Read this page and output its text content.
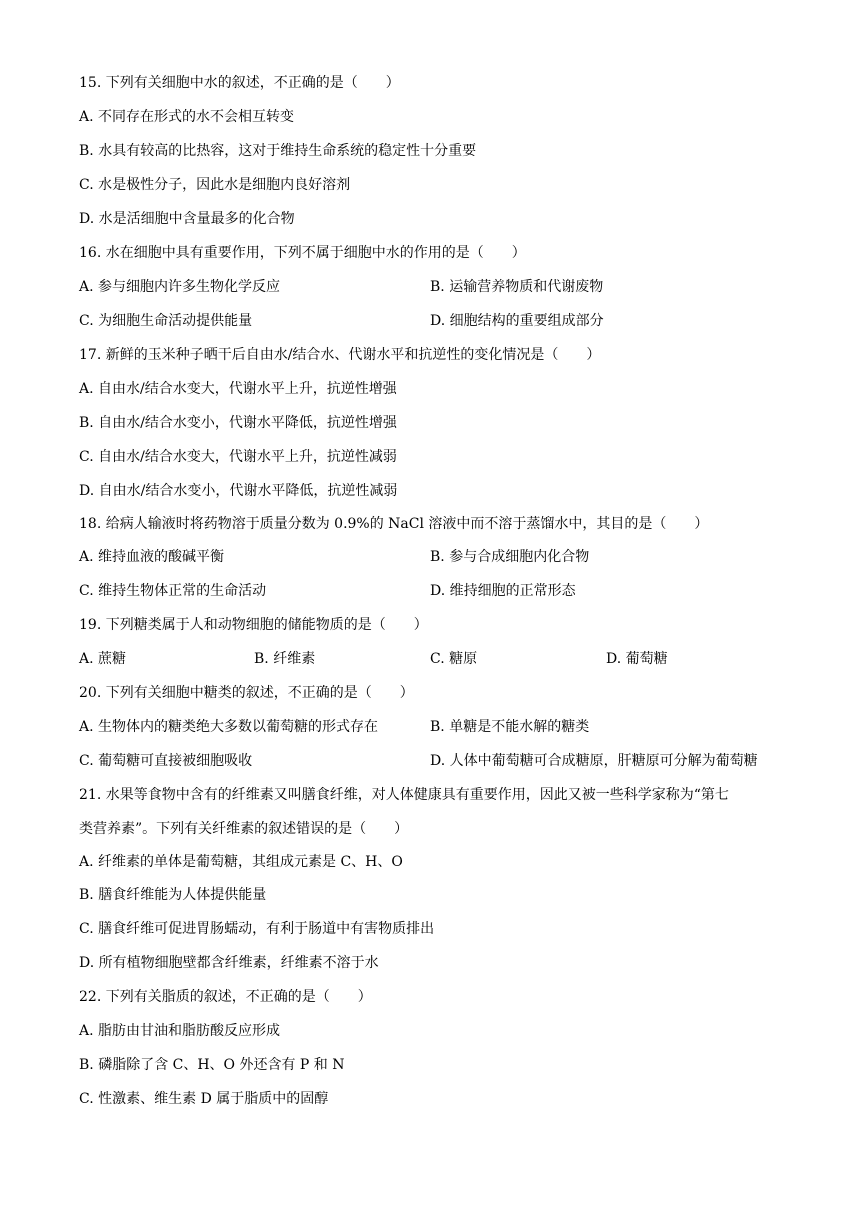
15. 下列有关细胞中水的叙述，不正确的是（　　）
A. 不同存在形式的水不会相互转变
B. 水具有较高的比热容，这对于维持生命系统的稳定性十分重要
C. 水是极性分子，因此水是细胞内良好溶剂
D. 水是活细胞中含量最多的化合物
16. 水在细胞中具有重要作用，下列不属于细胞中水的作用的是（　　）
A. 参与细胞内许多生物化学反应	B. 运输营养物质和代谢废物
C. 为细胞生命活动提供能量	D. 细胞结构的重要组成部分
17. 新鲜的玉米种子晒干后自由水/结合水、代谢水平和抗逆性的变化情况是（　　）
A. 自由水/结合水变大，代谢水平上升，抗逆性增强
B. 自由水/结合水变小，代谢水平降低，抗逆性增强
C. 自由水/结合水变大，代谢水平上升，抗逆性减弱
D. 自由水/结合水变小，代谢水平降低，抗逆性减弱
18. 给病人输液时将药物溶于质量分数为 0.9%的 NaCl 溶液中而不溶于蒸馏水中，其目的是（　　）
A. 维持血液的酸碱平衡	B. 参与合成细胞内化合物
C. 维持生物体正常的生命活动	D. 维持细胞的正常形态
19. 下列糖类属于人和动物细胞的储能物质的是（　　）
A. 蔗糖	B. 纤维素	C. 糖原	D. 葡萄糖
20. 下列有关细胞中糖类的叙述，不正确的是（　　）
A. 生物体内的糖类绝大多数以葡萄糖的形式存在	B. 单糖是不能水解的糖类
C. 葡萄糖可直接被细胞吸收	D. 人体中葡萄糖可合成糖原，肝糖原可分解为葡萄糖
21. 水果等食物中含有的纤维素又叫膳食纤维，对人体健康具有重要作用，因此又被一些科学家称为“第七
类营养素”。下列有关纤维素的叙述错误的是（　　）
A. 纤维素的单体是葡萄糖，其组成元素是 C、H、O
B. 膳食纤维能为人体提供能量
C. 膳食纤维可促进胃肠蠕动，有利于肠道中有害物质排出
D. 所有植物细胞壁都含纤维素，纤维素不溶于水
22. 下列有关脂质的叙述，不正确的是（　　）
A. 脂肪由甘油和脂肪酸反应形成
B. 磷脂除了含 C、H、O 外还含有 P 和 N
C. 性激素、维生素 D 属于脂质中的固醇
